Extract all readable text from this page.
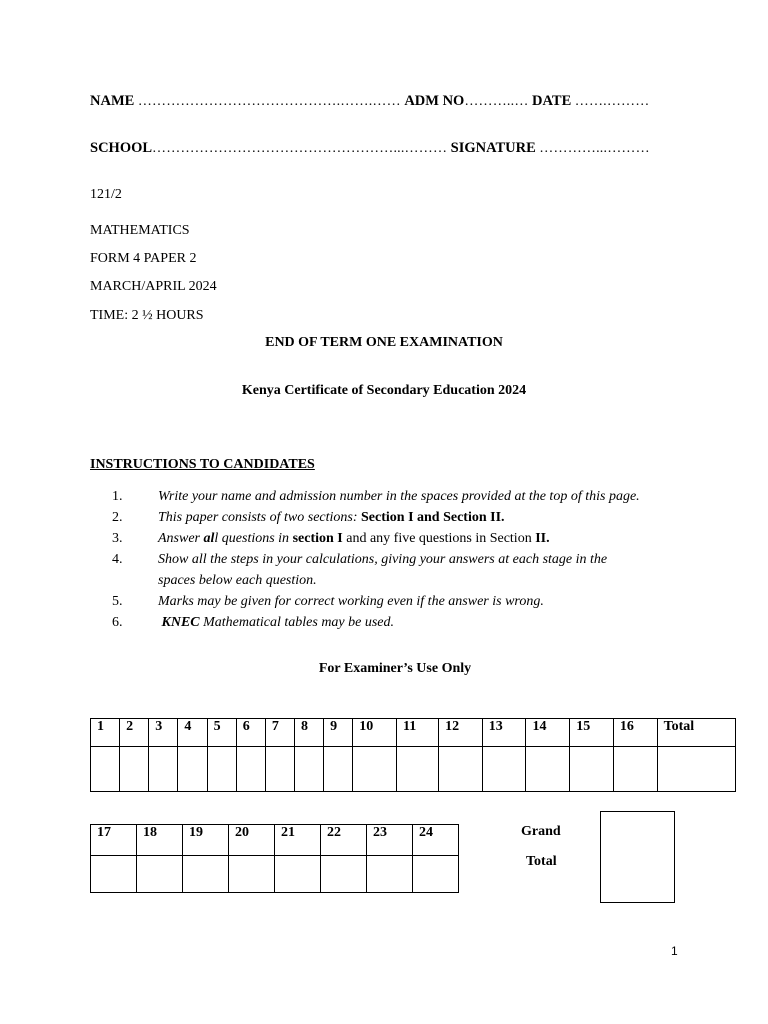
NAME …………………………………….…….…… ADM NO………..… DATE …….………
SCHOOL……………………………………………...……… SIGNATURE …………...………
121/2
MATHEMATICS
FORM 4 PAPER 2
MARCH/APRIL 2024
TIME: 2 ½ HOURS
END OF TERM ONE EXAMINATION
Kenya Certificate of Secondary Education 2024
INSTRUCTIONS TO CANDIDATES
1.	Write your name and admission number in the spaces provided at the top of this page.
2.	This paper consists of two sections: Section I and Section II.
3.	Answer all questions in section I and any five questions in Section II.
4.	Show all the steps in your calculations, giving your answers at each stage in the
spaces below each question.
5.	Marks may be given for correct working even if the answer is wrong.
6.	KNEC Mathematical tables may be used.
For Examiner’s Use Only
1	2	3	4	5	6	7	8	9	10	11	12	13	14	15	16	Total

17	18	19	20	21	22	23	24
								Grand
Total
1
